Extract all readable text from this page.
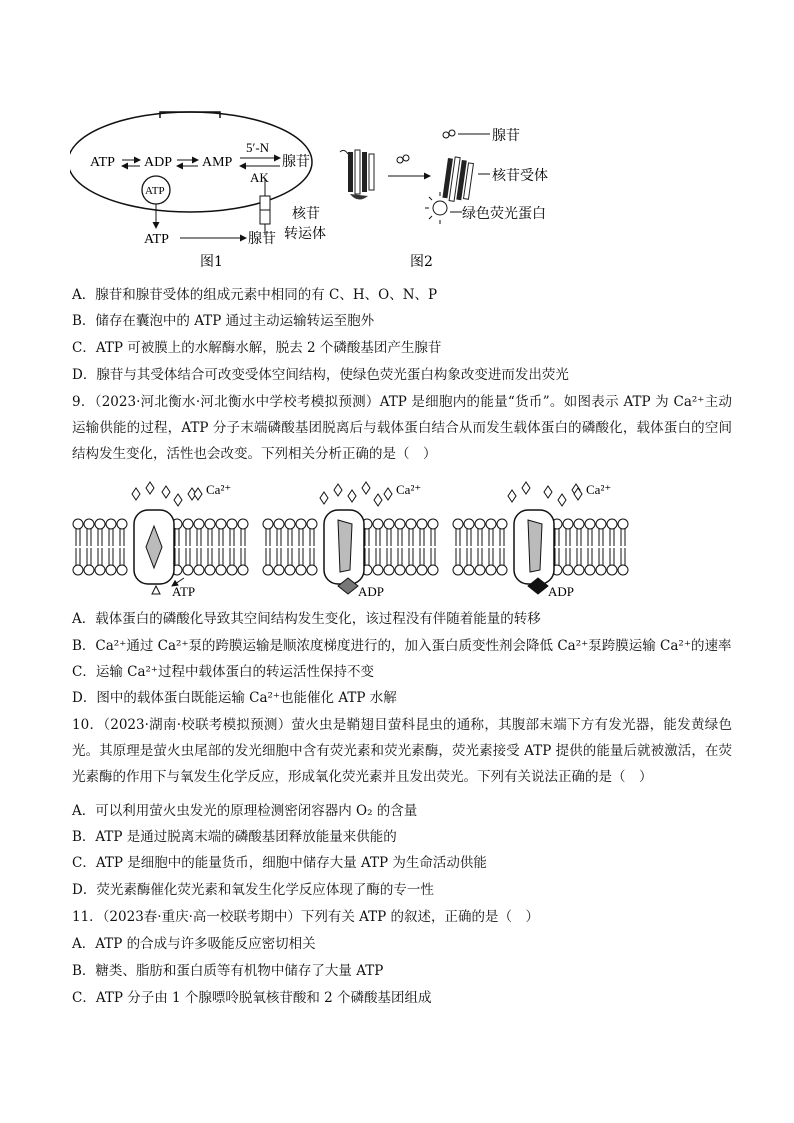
ATP ADP AMP
5′-N
AK
腺苷
ATP
核苷
转运体
ATP	腺苷
图1
腺苷
核苷受体
绿色荧光蛋白
图2
A．腺苷和腺苷受体的组成元素中相同的有 C、H、O、N、P
B．储存在囊泡中的 ATP 通过主动运输转运至胞外
C．ATP 可被膜上的水解酶水解，脱去 2 个磷酸基团产生腺苷
D．腺苷与其受体结合可改变受体空间结构，使绿色荧光蛋白构象改变进而发出荧光
9．（2023·河北衡水·河北衡水中学校考模拟预测）ATP 是细胞内的能量“货币”。如图表示 ATP 为 Ca²⁺主动运输供能的过程，ATP 分子末端磷酸基团脱离后与载体蛋白结合从而发生载体蛋白的磷酸化，载体蛋白的空间结构发生变化，活性也会改变。下列相关分析正确的是（　）
Ca²⁺
ATP
Ca²⁺
ADP
Ca²⁺
ADP
A．载体蛋白的磷酸化导致其空间结构发生变化，该过程没有伴随着能量的转移
B．Ca²⁺通过 Ca²⁺泵的跨膜运输是顺浓度梯度进行的，加入蛋白质变性剂会降低 Ca²⁺泵跨膜运输 Ca²⁺的速率
C．运输 Ca²⁺过程中载体蛋白的转运活性保持不变
D．图中的载体蛋白既能运输 Ca²⁺也能催化 ATP 水解
10．（2023·湖南·校联考模拟预测）萤火虫是鞘翅目萤科昆虫的通称，其腹部末端下方有发光器，能发黄绿色光。其原理是萤火虫尾部的发光细胞中含有荧光素和荧光素酶，荧光素接受 ATP 提供的能量后就被激活，在荧光素酶的作用下与氧发生化学反应，形成氧化荧光素并且发出荧光。下列有关说法正确的是（　）
A．可以利用萤火虫发光的原理检测密闭容器内 O₂ 的含量
B．ATP 是通过脱离末端的磷酸基团释放能量来供能的
C．ATP 是细胞中的能量货币，细胞中储存大量 ATP 为生命活动供能
D．荧光素酶催化荧光素和氧发生化学反应体现了酶的专一性
11．（2023春·重庆·高一校联考期中）下列有关 ATP 的叙述，正确的是（　）
A．ATP 的合成与许多吸能反应密切相关
B．糖类、脂肪和蛋白质等有机物中储存了大量 ATP
C．ATP 分子由 1 个腺嘌呤脱氧核苷酸和 2 个磷酸基团组成
